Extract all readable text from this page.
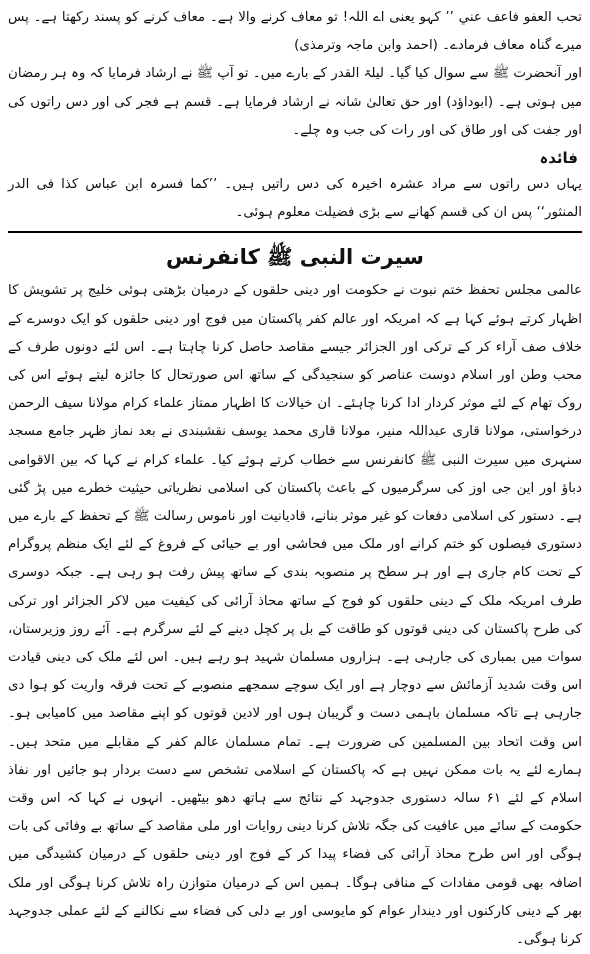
تحب العفو فاعف عني ’’ کہو یعنی اے اللہ! تو معاف کرنے والا ہے۔ معاف کرنے کو پسند رکھتا ہے۔ پس میرے گناہ معاف فرمادے۔ (احمد وابن ماجہ وترمذی)

اور آنحضرت ﷺ سے سوال کیا گیا۔ لیلۃ القدر کے بارے میں۔ تو آپ ﷺ نے ارشاد فرمایا کہ وہ ہر رمضان میں ہوتی ہے۔ (ابوداؤد) اور حق تعالیٰ شانہ نے ارشاد فرمایا ہے۔ قسم ہے فجر کی اور دس راتوں کی اور جفت کی اور طاق کی اور رات کی جب وہ چلے۔

فائدہ

یہاں دس راتوں سے مراد عشرہ اخیرہ کی دس راتیں ہیں۔ ’’کما فسرہ ابن عباس کذا فی الدر المنثور‘‘ پس ان کی قسم کھانے سے بڑی فضیلت معلوم ہوئی۔

سیرت النبی ﷺ کانفرنس

عالمی مجلس تحفظ ختم نبوت نے حکومت اور دینی حلقوں کے درمیان بڑھتی ہوئی خلیج پر تشویش کا اظہار کرتے ہوئے کہا ہے کہ امریکہ اور عالم کفر پاکستان میں فوج اور دینی حلقوں کو ایک دوسرے کے خلاف صف آراء کر کے ترکی اور الجزائر جیسے مقاصد حاصل کرنا چاہتا ہے۔ اس لئے دونوں طرف کے محب وطن اور اسلام دوست عناصر کو سنجیدگی کے ساتھ اس صورتحال کا جائزہ لیتے ہوئے اس کی روک تھام کے لئے موثر کردار ادا کرنا چاہئے۔ ان خیالات کا اظہار ممتاز علماء کرام مولانا سیف الرحمن درخواستی، مولانا قاری عبداللہ منیر، مولانا قاری محمد یوسف نقشبندی نے بعد نماز ظہر جامع مسجد سنہری میں سیرت النبی ﷺ کانفرنس سے خطاب کرتے ہوئے کیا۔ علماء کرام نے کہا کہ بین الاقوامی دباؤ اور این جی اوز کی سرگرمیوں کے باعث پاکستان کی اسلامی نظریاتی حیثیت خطرے میں پڑ گئی ہے۔ دستور کی اسلامی دفعات کو غیر موثر بنانے، قادیانیت اور ناموس رسالت ﷺ کے تحفظ کے بارے میں دستوری فیصلوں کو ختم کرانے اور ملک میں فحاشی اور بے حیائی کے فروغ کے لئے ایک منظم پروگرام کے تحت کام جاری ہے اور ہر سطح پر منصوبہ بندی کے ساتھ پیش رفت ہو رہی ہے۔ جبکہ دوسری طرف امریکہ ملک کے دینی حلقوں کو فوج کے ساتھ محاذ آرائی کی کیفیت میں لاکر الجزائر اور ترکی کی طرح پاکستان کی دینی قوتوں کو طاقت کے بل پر کچل دینے کے لئے سرگرم ہے۔ آئے روز وزیرستان، سوات میں بمباری کی جارہی ہے۔ ہزاروں مسلمان شہید ہو رہے ہیں۔ اس لئے ملک کی دینی قیادت اس وقت شدید آزمائش سے دوچار ہے اور ایک سوچے سمجھے منصوبے کے تحت فرقہ واریت کو ہوا دی جارہی ہے تاکہ مسلمان باہمی دست و گریبان ہوں اور لادین قوتوں کو اپنے مقاصد میں کامیابی ہو۔ اس وقت اتحاد بین المسلمین کی ضرورت ہے۔ تمام مسلمان عالم کفر کے مقابلے میں متحد ہیں۔ ہمارے لئے یہ بات ممکن نہیں ہے کہ پاکستان کے اسلامی تشخص سے دست بردار ہو جائیں اور نفاذ اسلام کے لئے ۶۱ سالہ دستوری جدوجہد کے نتائج سے ہاتھ دھو بیٹھیں۔ انہوں نے کہا کہ اس وقت حکومت کے سائے میں عافیت کی جگہ تلاش کرنا دینی روایات اور ملی مقاصد کے ساتھ بے وفائی کی بات ہوگی اور اس طرح محاذ آرائی کی فضاء پیدا کر کے فوج اور دینی حلقوں کے درمیان کشیدگی میں اضافہ بھی قومی مفادات کے منافی ہوگا۔ ہمیں اس کے درمیان متوازن راہ تلاش کرنا ہوگی اور ملک بھر کے دینی کارکنوں اور دیندار عوام کو مایوسی اور بے دلی کی فضاء سے نکالنے کے لئے عملی جدوجہد کرنا ہوگی۔
